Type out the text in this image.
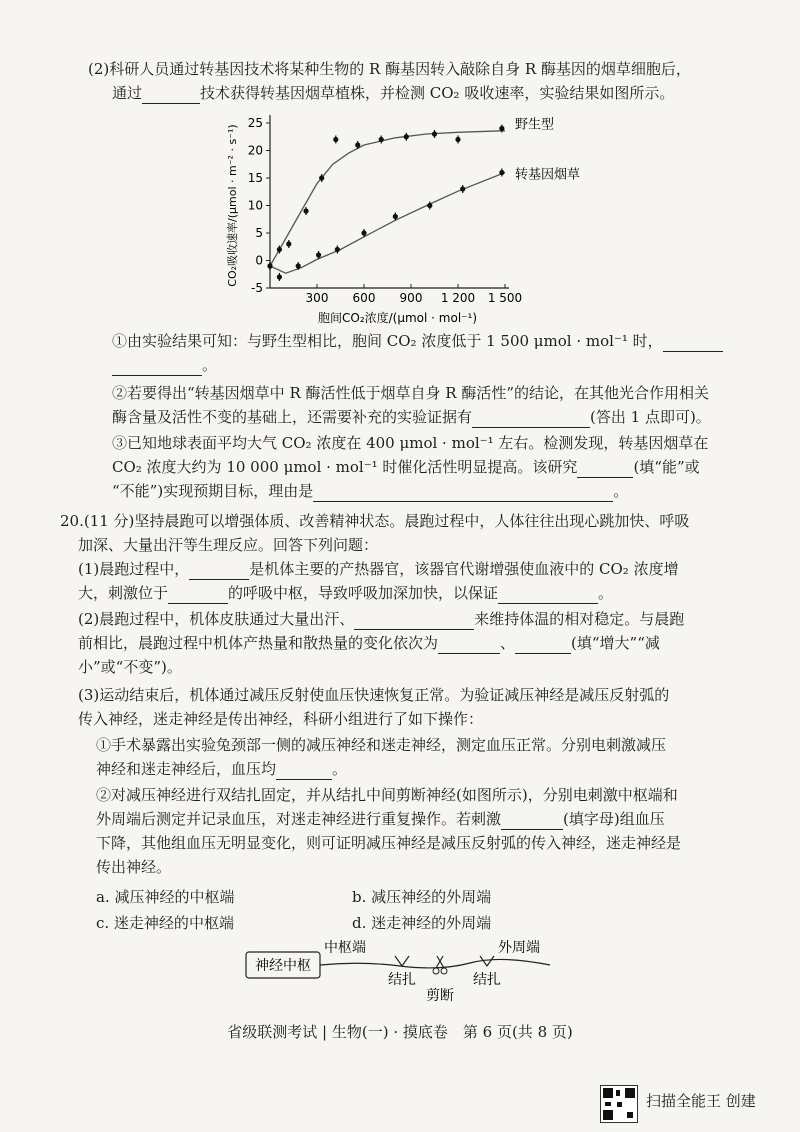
(2)科研人员通过转基因技术将某种生物的 R 酶基因转入敲除自身 R 酶基因的烟草细胞后，
通过	技术获得转基因烟草植株，并检测 CO₂ 吸收速率，实验结果如图所示。
-5
0
5
10
15
20
25
300 600 900 1 200 1 500
胞间CO₂浓度/(μmol · mol⁻¹)
CO₂吸收速率/(μmol · m⁻² · s⁻¹)	野生型
转基因烟草
①由实验结果可知：与野生型相比，胞间 CO₂ 浓度低于 1 500 μmol · mol⁻¹ 时，
。
②若要得出“转基因烟草中 R 酶活性低于烟草自身 R 酶活性”的结论，在其他光合作用相关
酶含量及活性不变的基础上，还需要补充的实验证据有	(答出 1 点即可)。
③已知地球表面平均大气 CO₂ 浓度在 400 μmol · mol⁻¹ 左右。检测发现，转基因烟草在
CO₂ 浓度大约为 10 000 μmol · mol⁻¹ 时催化活性明显提高。该研究	(填“能”或
“不能”)实现预期目标，理由是	。
20.(11 分)坚持晨跑可以增强体质、改善精神状态。晨跑过程中，人体往往出现心跳加快、呼吸
加深、大量出汗等生理反应。回答下列问题：
(1)晨跑过程中，	是机体主要的产热器官，该器官代谢增强使血液中的 CO₂ 浓度增
大，刺激位于	的呼吸中枢，导致呼吸加深加快，以保证	。
(2)晨跑过程中，机体皮肤通过大量出汗、	来维持体温的相对稳定。与晨跑
前相比，晨跑过程中机体产热量和散热量的变化依次为	、	(填“增大”“减
小”或“不变”)。
(3)运动结束后，机体通过减压反射使血压快速恢复正常。为验证减压神经是减压反射弧的
传入神经，迷走神经是传出神经，科研小组进行了如下操作：
①手术暴露出实验兔颈部一侧的减压神经和迷走神经，测定血压正常。分别电刺激减压
神经和迷走神经后，血压均	。
②对减压神经进行双结扎固定，并从结扎中间剪断神经(如图所示)，分别电刺激中枢端和
外周端后测定并记录血压，对迷走神经进行重复操作。若刺激	(填字母)组血压
下降，其他组血压无明显变化，则可证明减压神经是减压反射弧的传入神经，迷走神经是
传出神经。
a. 减压神经的中枢端	b. 减压神经的外周端
c. 迷走神经的中枢端	d. 迷走神经的外周端
神经中枢
中枢端	外周端
结扎	结扎
剪断
省级联测考试 | 生物(一) · 摸底卷　第 6 页(共 8 页)
扫描全能王 创建
